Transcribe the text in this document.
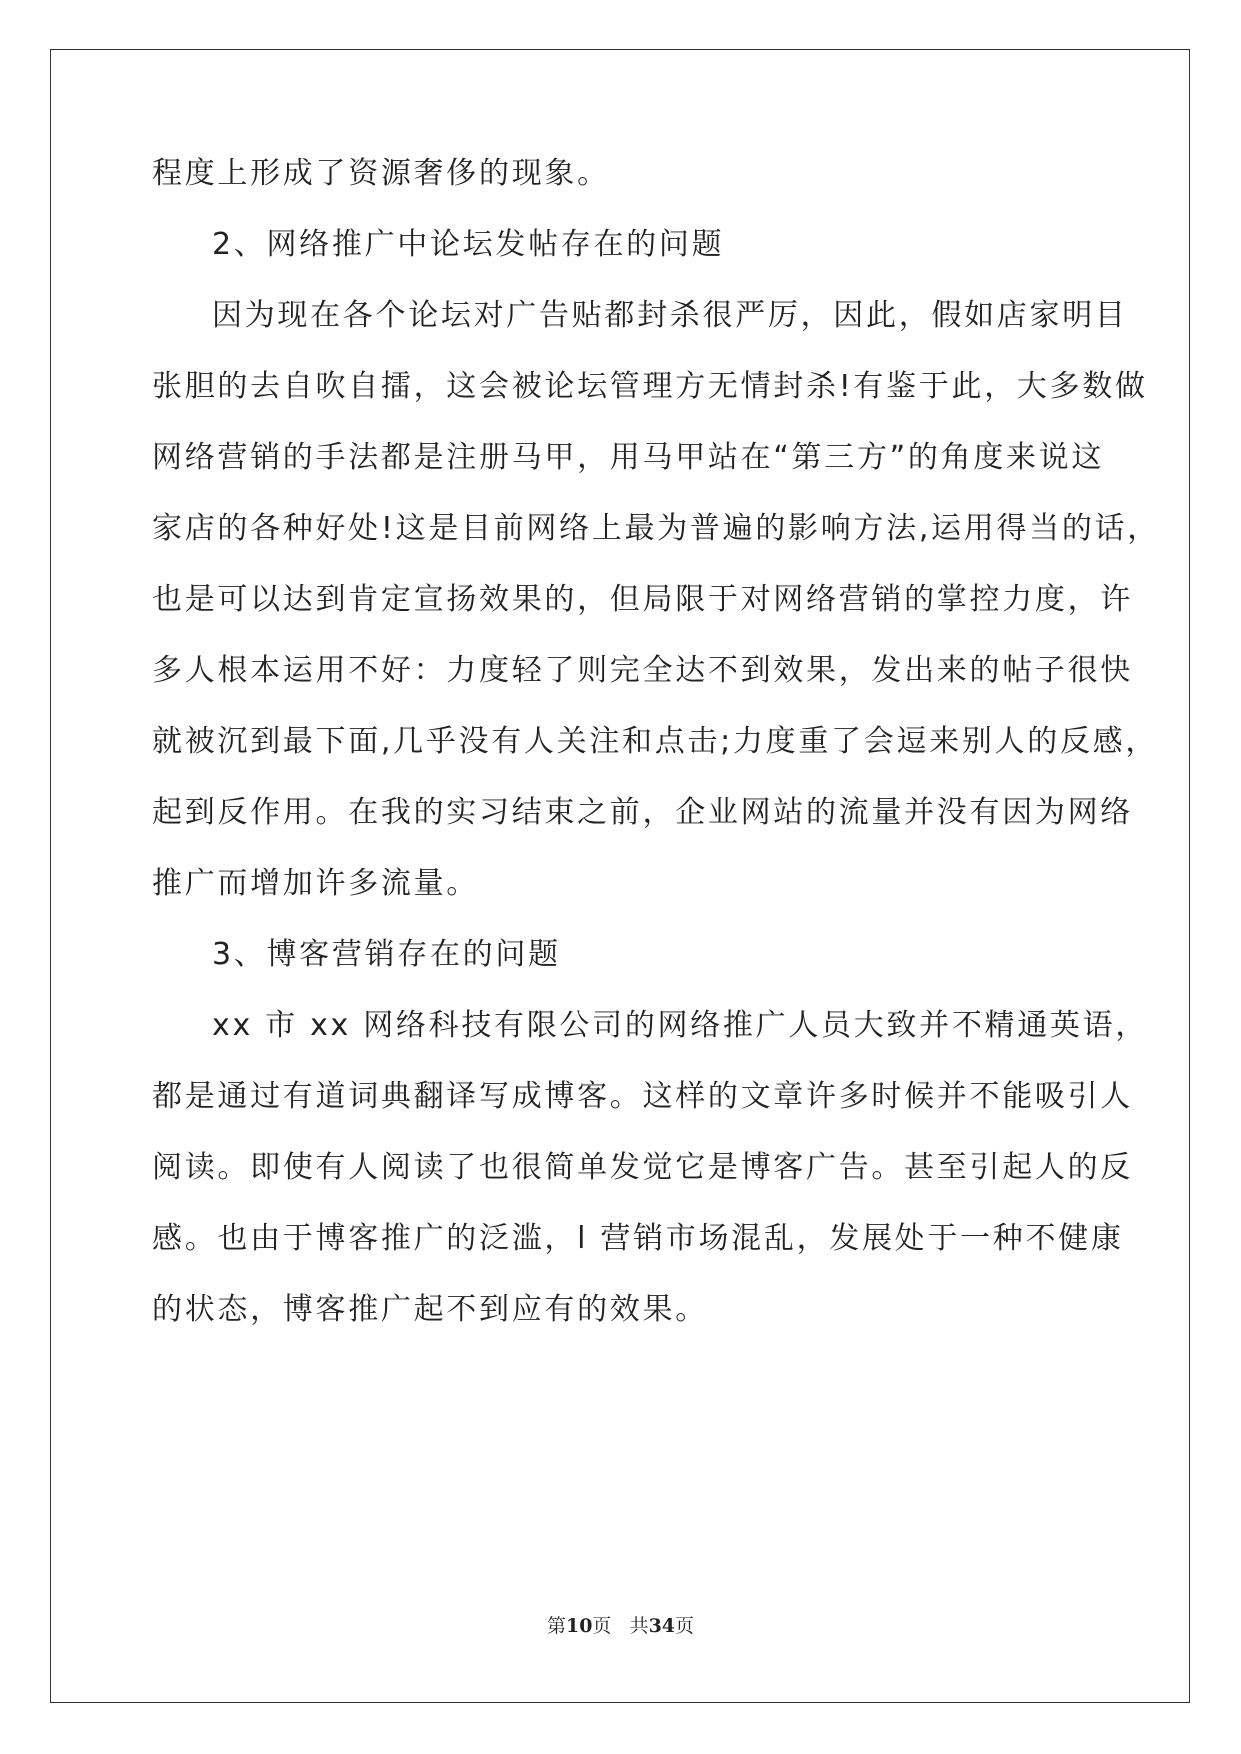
程度上形成了资源奢侈的现象。
2、网络推广中论坛发帖存在的问题
因为现在各个论坛对广告贴都封杀很严厉，因此，假如店家明目
张胆的去自吹自擂，这会被论坛管理方无情封杀!有鉴于此，大多数做
网络营销的手法都是注册马甲，用马甲站在“第三方”的角度来说这
家店的各种好处!这是目前网络上最为普遍的影响方法,运用得当的话，
也是可以达到肯定宣扬效果的，但局限于对网络营销的掌控力度，许
多人根本运用不好：力度轻了则完全达不到效果，发出来的帖子很快
就被沉到最下面,几乎没有人关注和点击;力度重了会逗来别人的反感，
起到反作用。在我的实习结束之前，企业网站的流量并没有因为网络
推广而增加许多流量。
3、博客营销存在的问题
xx 市 xx 网络科技有限公司的网络推广人员大致并不精通英语，
都是通过有道词典翻译写成博客。这样的文章许多时候并不能吸引人
阅读。即使有人阅读了也很简单发觉它是博客广告。甚至引起人的反
感。也由于博客推广的泛滥，l 营销市场混乱，发展处于一种不健康
的状态，博客推广起不到应有的效果。
第10页 共34页
